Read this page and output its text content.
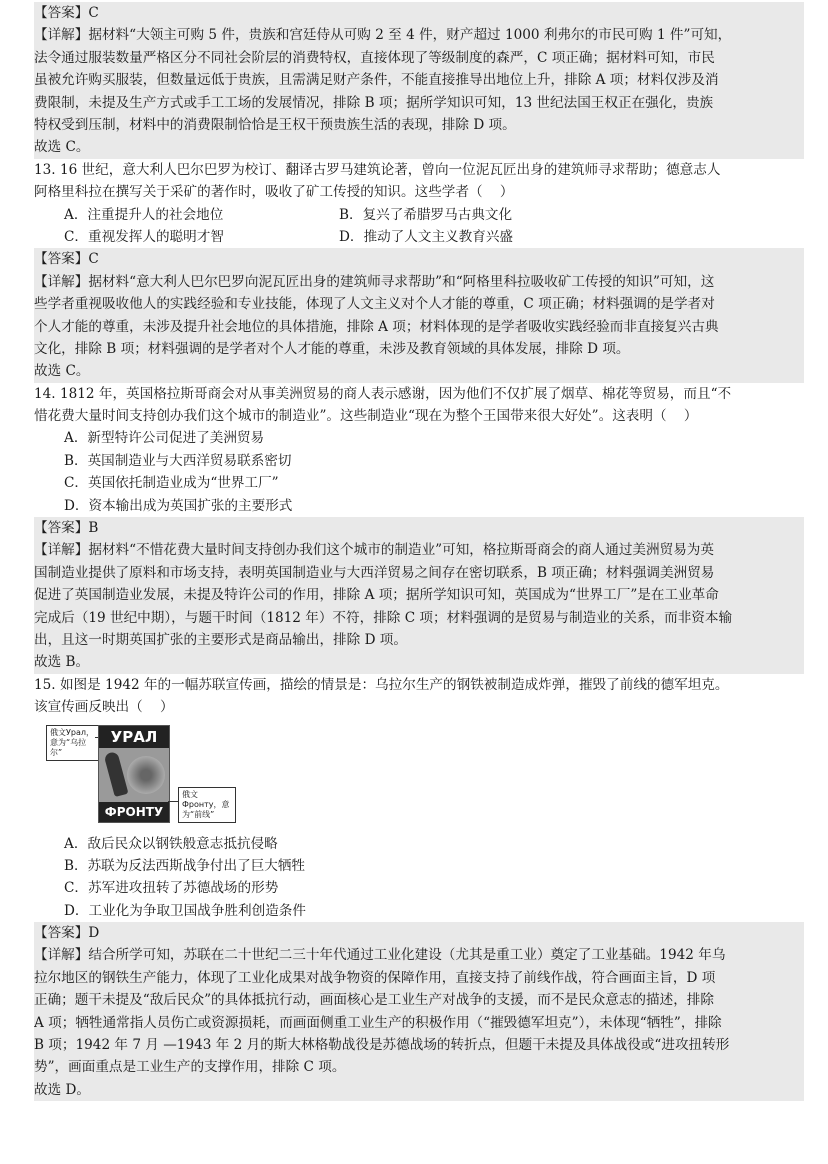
【答案】C
【详解】据材料“大领主可购 5 件，贵族和宫廷侍从可购 2 至 4 件，财产超过 1000 利弗尔的市民可购 1 件”可知，
法令通过服装数量严格区分不同社会阶层的消费特权，直接体现了等级制度的森严，C 项正确；据材料可知，市民
虽被允许购买服装，但数量远低于贵族，且需满足财产条件，不能直接推导出地位上升，排除 A 项；材料仅涉及消
费限制，未提及生产方式或手工工场的发展情况，排除 B 项；据所学知识可知，13 世纪法国王权正在强化，贵族
特权受到压制，材料中的消费限制恰恰是王权干预贵族生活的表现，排除 D 项。
故选 C。
13. 16 世纪，意大利人巴尔巴罗为校订、翻译古罗马建筑论著，曾向一位泥瓦匠出身的建筑师寻求帮助；德意志人
阿格里科拉在撰写关于采矿的著作时，吸收了矿工传授的知识。这些学者（    ）
A．注重提升人的社会地位	B．复兴了希腊罗马古典文化
C．重视发挥人的聪明才智	D．推动了人文主义教育兴盛
【答案】C
【详解】据材料“意大利人巴尔巴罗向泥瓦匠出身的建筑师寻求帮助”和“阿格里科拉吸收矿工传授的知识”可知，这
些学者重视吸收他人的实践经验和专业技能，体现了人文主义对个人才能的尊重，C 项正确；材料强调的是学者对
个人才能的尊重，未涉及提升社会地位的具体措施，排除 A 项；材料体现的是学者吸收实践经验而非直接复兴古典
文化，排除 B 项；材料强调的是学者对个人才能的尊重，未涉及教育领域的具体发展，排除 D 项。
故选 C。
14. 1812 年，英国格拉斯哥商会对从事美洲贸易的商人表示感谢，因为他们不仅扩展了烟草、棉花等贸易，而且“不
惜花费大量时间支持创办我们这个城市的制造业”。这些制造业“现在为整个王国带来很大好处”。这表明（    ）
A．新型特许公司促进了美洲贸易
B．英国制造业与大西洋贸易联系密切
C．英国依托制造业成为“世界工厂”
D．资本输出成为英国扩张的主要形式
【答案】B
【详解】据材料“不惜花费大量时间支持创办我们这个城市的制造业”可知，格拉斯哥商会的商人通过美洲贸易为英
国制造业提供了原料和市场支持，表明英国制造业与大西洋贸易之间存在密切联系，B 项正确；材料强调美洲贸易
促进了英国制造业发展，未提及特许公司的作用，排除 A 项；据所学知识可知，英国成为“世界工厂”是在工业革命
完成后（19 世纪中期），与题干时间（1812 年）不符，排除 C 项；材料强调的是贸易与制造业的关系，而非资本输
出，且这一时期英国扩张的主要形式是商品输出，排除 D 项。
故选 B。
15. 如图是 1942 年的一幅苏联宣传画，描绘的情景是：乌拉尔生产的钢铁被制造成炸弹，摧毁了前线的德军坦克。
该宣传画反映出（    ）
俄文Урал，意为“乌拉尔”
УРАЛ
ФРОНТУ
俄文Фронту，意为“前线”
A．敌后民众以钢铁般意志抵抗侵略
B．苏联为反法西斯战争付出了巨大牺牲
C．苏军进攻扭转了苏德战场的形势
D．工业化为争取卫国战争胜利创造条件
【答案】D
【详解】结合所学可知，苏联在二十世纪二三十年代通过工业化建设（尤其是重工业）奠定了工业基础。1942 年乌
拉尔地区的钢铁生产能力，体现了工业化成果对战争物资的保障作用，直接支持了前线作战，符合画面主旨，D 项
正确；题干未提及“敌后民众”的具体抵抗行动，画面核心是工业生产对战争的支援，而不是民众意志的描述，排除
A 项；牺牲通常指人员伤亡或资源损耗，而画面侧重工业生产的积极作用（“摧毁德军坦克”），未体现“牺牲”，排除
B 项；1942 年 7 月 —1943 年 2 月的斯大林格勒战役是苏德战场的转折点，但题干未提及具体战役或“进攻扭转形
势”，画面重点是工业生产的支撑作用，排除 C 项。
故选 D。
